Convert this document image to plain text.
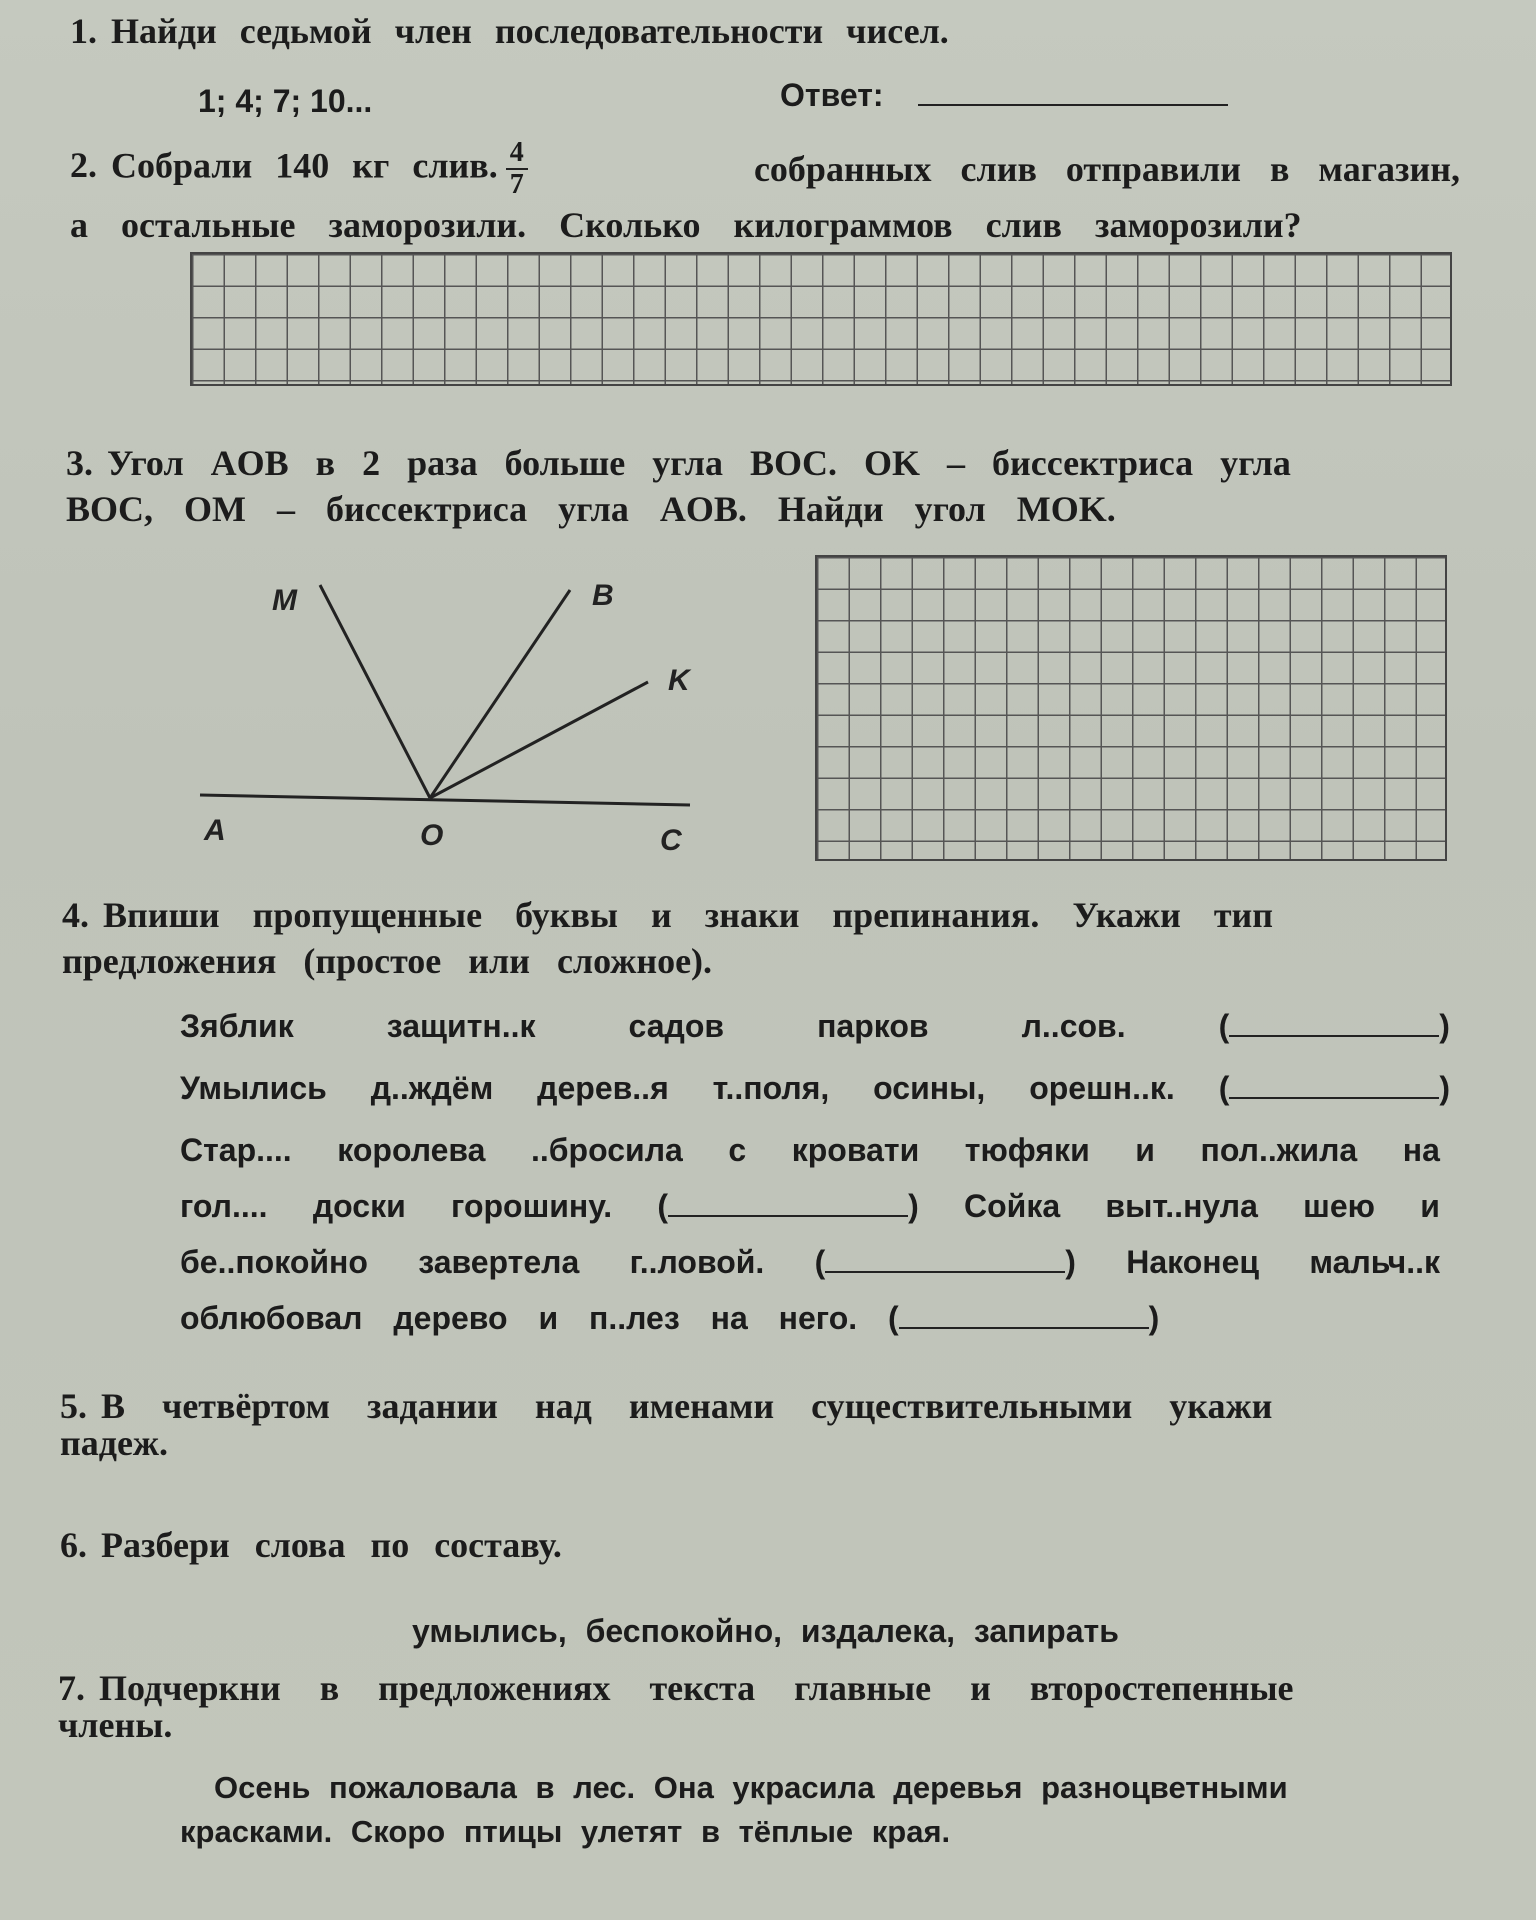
1. Найди седьмой член последовательности чисел.
1; 4; 7; 10...	Ответ:
2. Собрали 140 кг слив. $\frac{4}{7}$	собранных слив отправили в магазин,
а остальные заморозили. Сколько килограммов слив заморозили?
3. Угол AOB в 2 раза больше угла BOC. OK – биссектриса угла
BOC, OM – биссектриса угла AOB. Найди угол MOK.
M	B
K
A	O	C
4. Впиши пропущенные буквы и знаки препинания. Укажи тип
предложения (простое или сложное).
Зяблик	защитн..к	садов	парков	л..сов.	(	)
Умылись д..ждём дерев..я т..поля, осины, орешн..к. (	)
Стар.... королева ..бросила с кровати тюфяки и пол..жила на
гол.... доски горошину. (	) Сойка выт..нула шею и
бе..покойно завертела г..ловой. (	) Наконец мальч..к
облюбовал дерево и п..лез на него. (	)
5. В четвёртом задании над именами существительными укажи
падеж.
6. Разбери слова по составу.
умылись, беспокойно, издалека, запирать
7. Подчеркни в предложениях текста главные и второстепенные
члены.
Осень пожаловала в лес. Она украсила деревья разноцветными
красками. Скоро птицы улетят в тёплые края.
